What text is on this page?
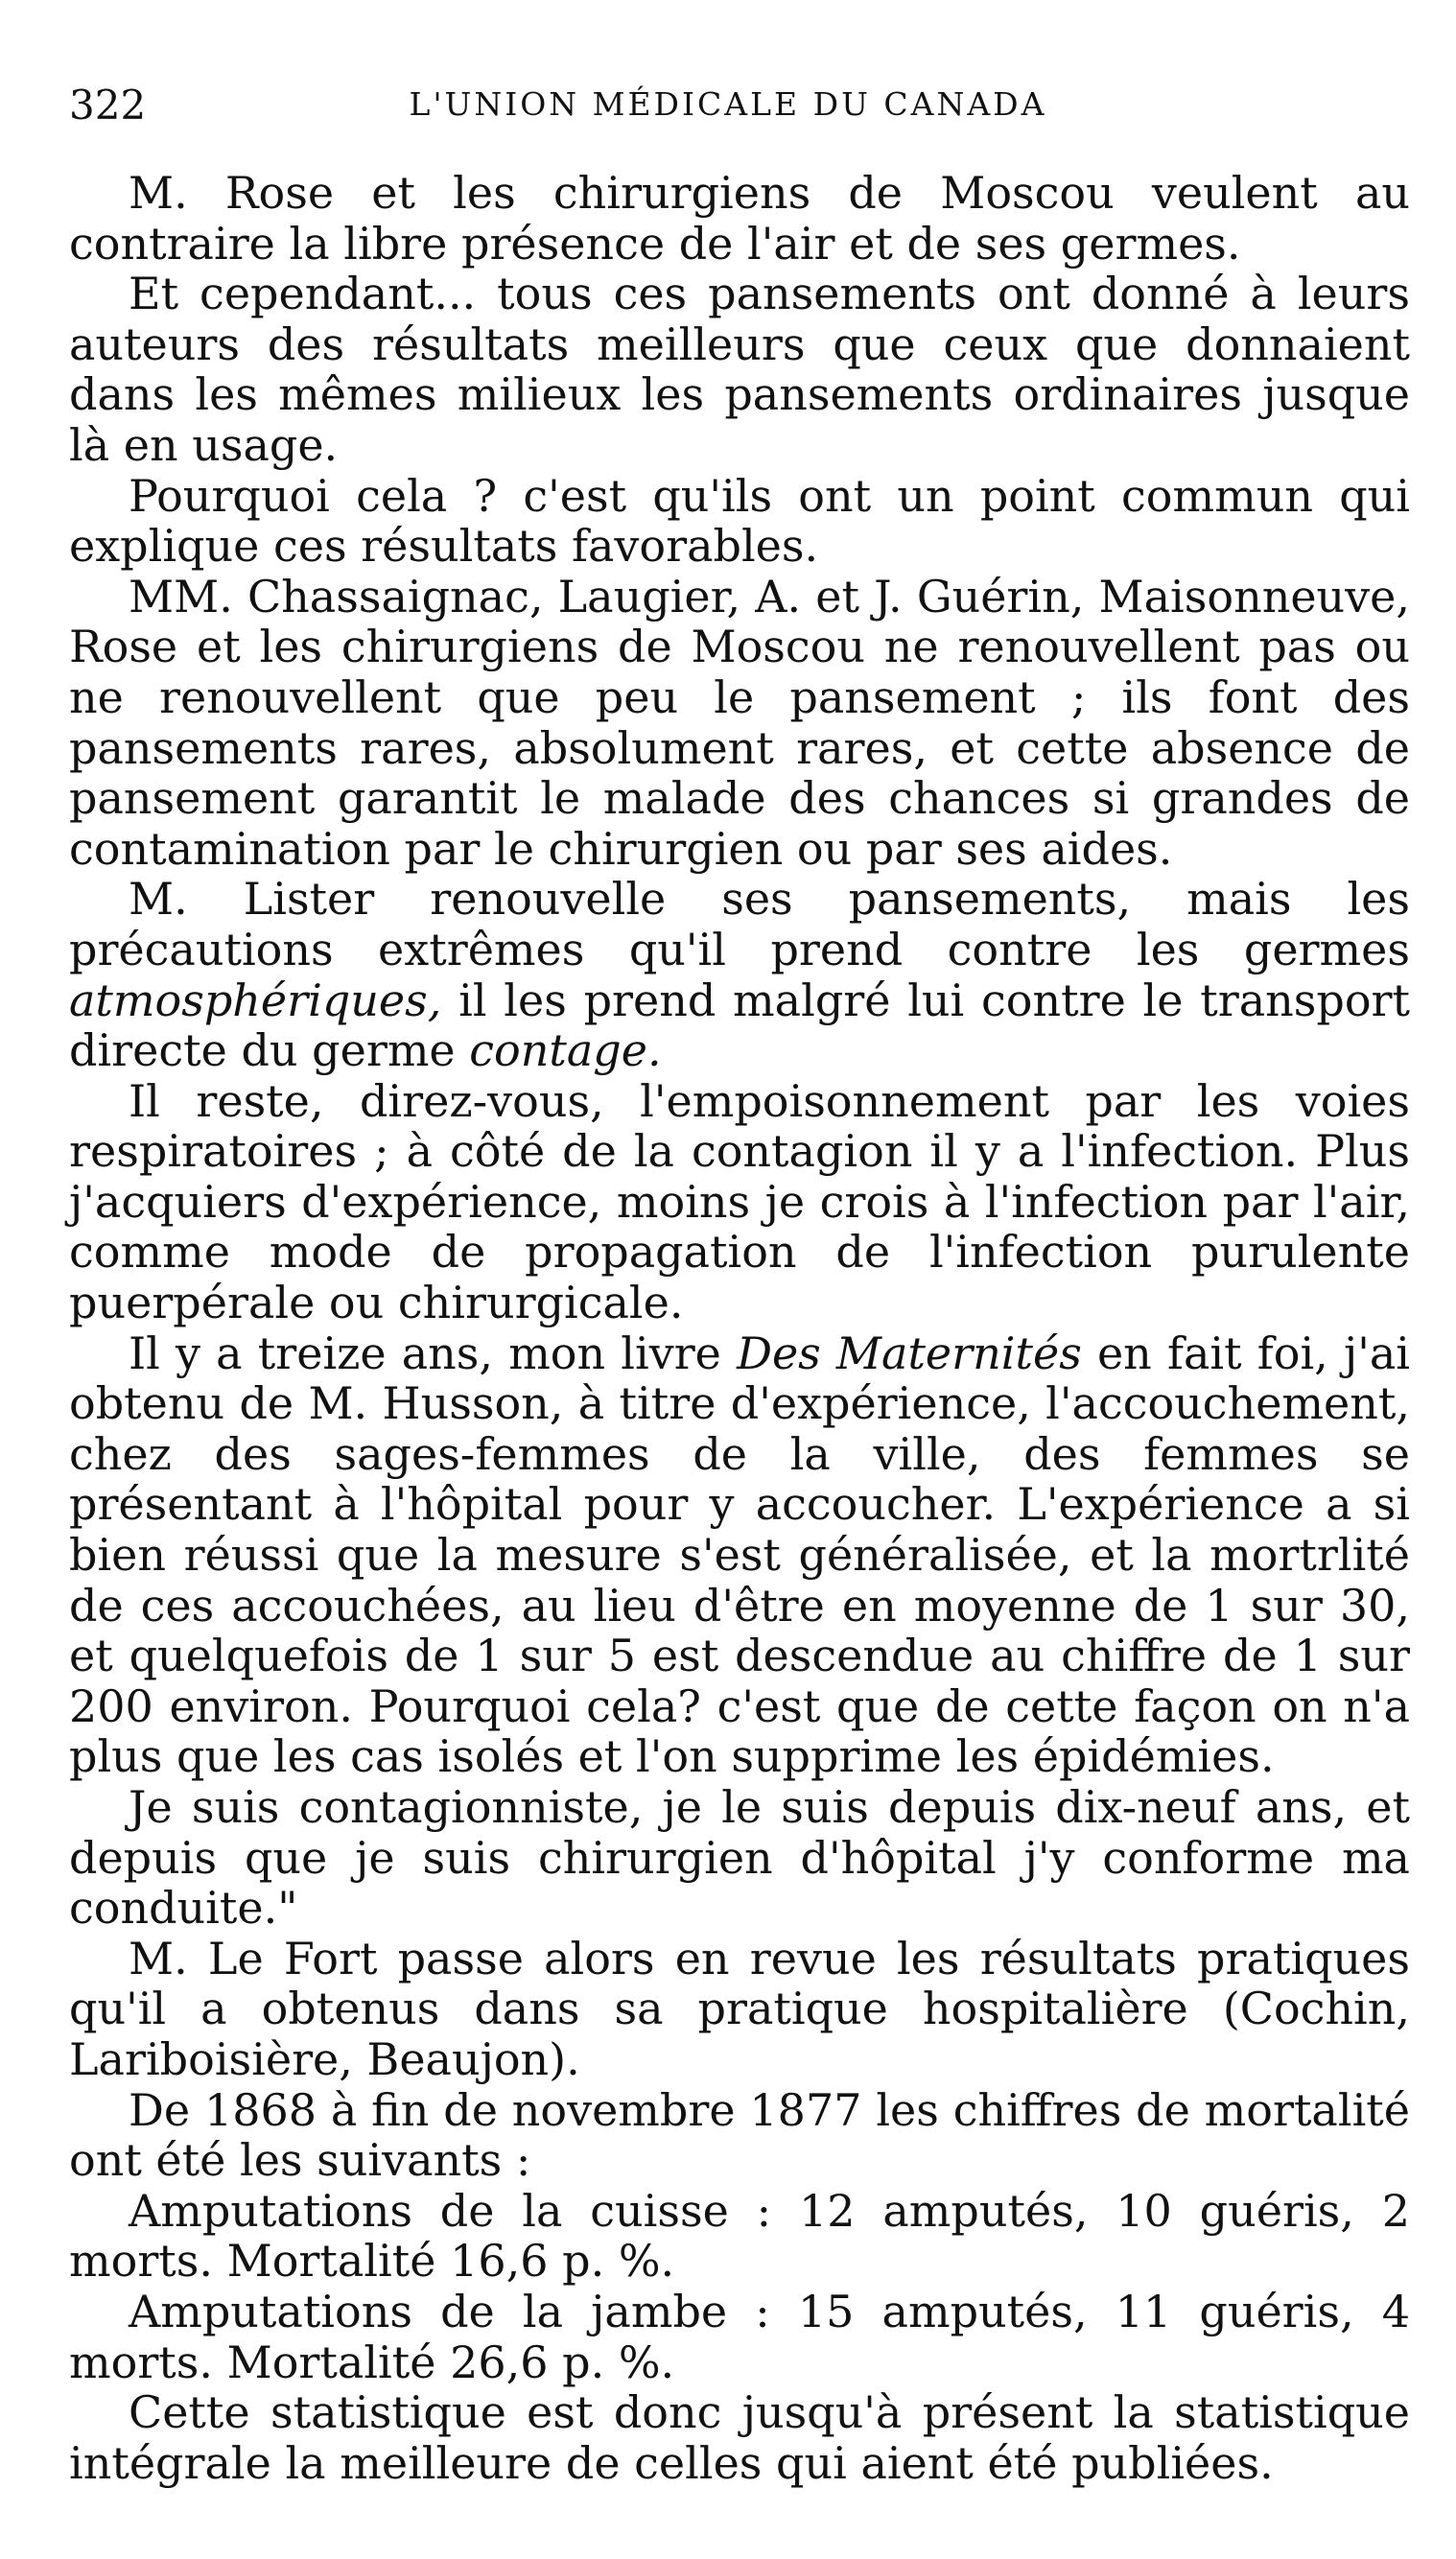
322	L'UNION MÉDICALE DU CANADA

M. Rose et les chirurgiens de Moscou veulent au contraire la libre présence de l'air et de ses germes.

Et cependant... tous ces pansements ont donné à leurs auteurs des résultats meilleurs que ceux que donnaient dans les mêmes milieux les pansements ordinaires jusque là en usage.

Pourquoi cela ? c'est qu'ils ont un point commun qui explique ces résultats favorables.

MM. Chassaignac, Laugier, A. et J. Guérin, Maisonneuve, Rose et les chirurgiens de Moscou ne renouvellent pas ou ne renouvellent que peu le pansement ; ils font des pansements rares, absolument rares, et cette absence de pansement garantit le malade des chances si grandes de contamination par le chirurgien ou par ses aides.

M. Lister renouvelle ses pansements, mais les précautions extrêmes qu'il prend contre les germes atmosphériques, il les prend malgré lui contre le transport directe du germe contage.

Il reste, direz-vous, l'empoisonnement par les voies respiratoires ; à côté de la contagion il y a l'infection. Plus j'acquiers d'expérience, moins je crois à l'infection par l'air, comme mode de propagation de l'infection purulente puerpérale ou chirurgicale.

Il y a treize ans, mon livre Des Maternités en fait foi, j'ai obtenu de M. Husson, à titre d'expérience, l'accouchement, chez des sages-femmes de la ville, des femmes se présentant à l'hôpital pour y accoucher. L'expérience a si bien réussi que la mesure s'est généralisée, et la mortrlité de ces accouchées, au lieu d'être en moyenne de 1 sur 30, et quelquefois de 1 sur 5 est descendue au chiffre de 1 sur 200 environ. Pourquoi cela? c'est que de cette façon on n'a plus que les cas isolés et l'on supprime les épidémies.

Je suis contagionniste, je le suis depuis dix-neuf ans, et depuis que je suis chirurgien d'hôpital j'y conforme ma conduite."

M. Le Fort passe alors en revue les résultats pratiques qu'il a obtenus dans sa pratique hospitalière (Cochin, Lariboisière, Beaujon).

De 1868 à fin de novembre 1877 les chiffres de mortalité ont été les suivants :

Amputations de la cuisse : 12 amputés, 10 guéris, 2 morts. Mortalité 16,6 p. %.

Amputations de la jambe : 15 amputés, 11 guéris, 4 morts. Mortalité 26,6 p. %.

Cette statistique est donc jusqu'à présent la statistique intégrale la meilleure de celles qui aient été publiées.
